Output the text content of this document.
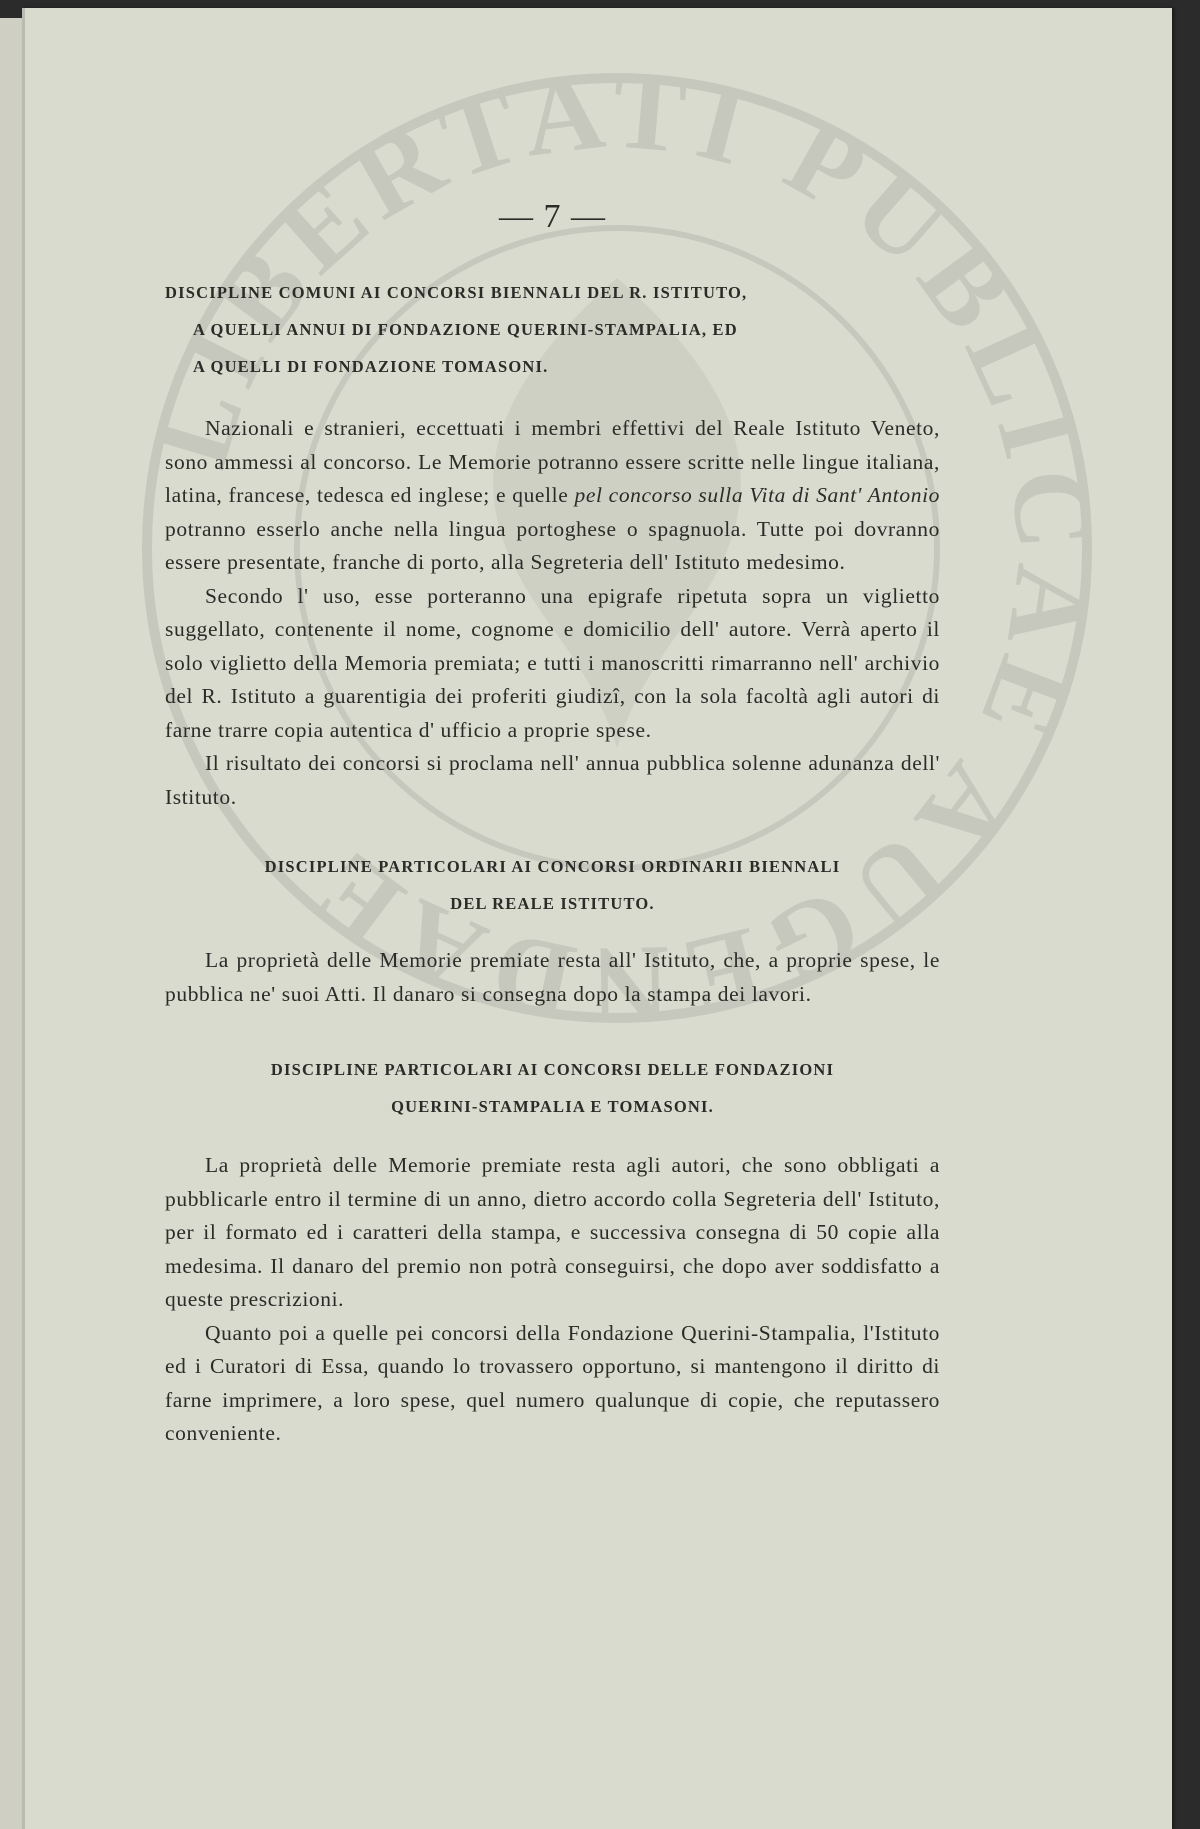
LIBERTATI PUBLICAE AUGENDAE
— 7 —
DISCIPLINE COMUNI AI CONCORSI BIENNALI DEL R. ISTITUTO,
A QUELLI ANNUI DI FONDAZIONE QUERINI-STAMPALIA, ED
A QUELLI DI FONDAZIONE TOMASONI.

Nazionali e stranieri, eccettuati i membri effettivi del Reale Istituto Veneto, sono ammessi al concorso. Le Memorie potranno essere scritte nelle lingue italiana, latina, francese, tedesca ed inglese; e quelle pel concorso sulla Vita di Sant' Antonio potranno esserlo anche nella lingua portoghese o spagnuola. Tutte poi dovranno essere presentate, franche di porto, alla Segreteria dell' Istituto medesimo.

Secondo l' uso, esse porteranno una epigrafe ripetuta sopra un viglietto suggellato, contenente il nome, cognome e domicilio dell' autore. Verrà aperto il solo viglietto della Memoria premiata; e tutti i manoscritti rimarranno nell' archivio del R. Istituto a guarentigia dei proferiti giudizî, con la sola facoltà agli autori di farne trarre copia autentica d' ufficio a proprie spese.

Il risultato dei concorsi si proclama nell' annua pubblica solenne adunanza dell' Istituto.

DISCIPLINE PARTICOLARI AI CONCORSI ORDINARII BIENNALI
DEL REALE ISTITUTO.

La proprietà delle Memorie premiate resta all' Istituto, che, a proprie spese, le pubblica ne' suoi Atti. Il danaro si consegna dopo la stampa dei lavori.

DISCIPLINE PARTICOLARI AI CONCORSI DELLE FONDAZIONI
QUERINI-STAMPALIA E TOMASONI.

La proprietà delle Memorie premiate resta agli autori, che sono obbligati a pubblicarle entro il termine di un anno, dietro accordo colla Segreteria dell' Istituto, per il formato ed i caratteri della stampa, e successiva consegna di 50 copie alla medesima. Il danaro del premio non potrà conseguirsi, che dopo aver soddisfatto a queste prescrizioni.

Quanto poi a quelle pei concorsi della Fondazione Querini-Stampalia, l'Istituto ed i Curatori di Essa, quando lo trovassero opportuno, si mantengono il diritto di farne imprimere, a loro spese, quel numero qualunque di copie, che reputassero conveniente.
